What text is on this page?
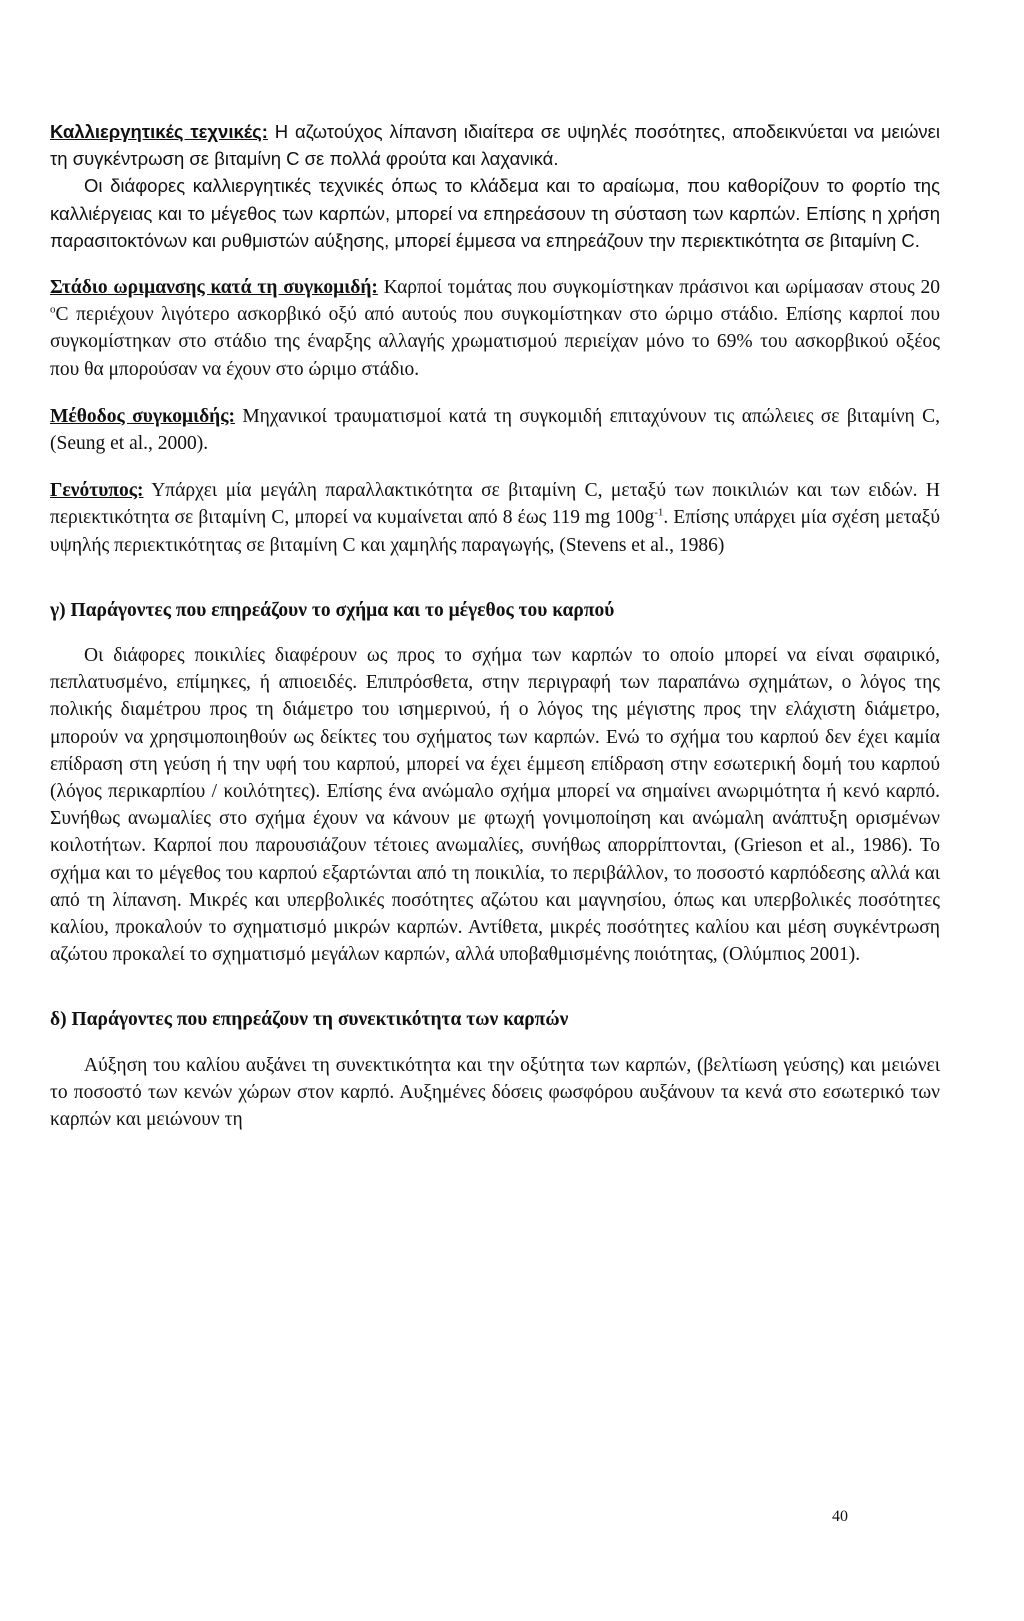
Καλλιεργητικές τεχνικές: Η αζωτούχος λίπανση ιδιαίτερα σε υψηλές ποσότητες, αποδεικνύεται να μειώνει τη συγκέντρωση σε βιταμίνη C σε πολλά φρούτα και λαχανικά.

Οι διάφορες καλλιεργητικές τεχνικές όπως το κλάδεμα και το αραίωμα, που καθορίζουν το φορτίο της καλλιέργειας και το μέγεθος των καρπών, μπορεί να επηρεάσουν τη σύσταση των καρπών. Επίσης η χρήση παρασιτοκτόνων και ρυθμιστών αύξησης, μπορεί έμμεσα να επηρεάζουν την περιεκτικότητα σε βιταμίνη C.

Στάδιο ωριμανσης κατά τη συγκομιδή: Καρποί τομάτας που συγκομίστηκαν πράσινοι και ωρίμασαν στους 20 $^o$C περιέχουν λιγότερο ασκορβικό οξύ από αυτούς που συγκομίστηκαν στο ώριμο στάδιο. Επίσης καρποί που συγκομίστηκαν στο στάδιο της έναρξης αλλαγής χρωματισμού περιείχαν μόνο το 69% του ασκορβικού οξέος που θα μπορούσαν να έχουν στο ώριμο στάδιο.

Μέθοδος συγκομιδής: Μηχανικοί τραυματισμοί κατά τη συγκομιδή επιταχύνουν τις απώλειες σε βιταμίνη C, (Seung et al., 2000).

Γενότυπος: Υπάρχει μία μεγάλη παραλλακτικότητα σε βιταμίνη C, μεταξύ των ποικιλιών και των ειδών. Η περιεκτικότητα σε βιταμίνη C, μπορεί να κυμαίνεται από 8 έως 119 mg $100g^{-1}$. Επίσης υπάρχει μία σχέση μεταξύ υψηλής περιεκτικότητας σε βιταμίνη C και χαμηλής παραγωγής, (Stevens et al., 1986)

γ) Παράγοντες που επηρεάζουν το σχήμα και το μέγεθος του καρπού

Οι διάφορες ποικιλίες διαφέρουν ως προς το σχήμα των καρπών το οποίο μπορεί να είναι σφαιρικό, πεπλατυσμένο, επίμηκες, ή απιοειδές. Επιπρόσθετα, στην περιγραφή των παραπάνω σχημάτων, ο λόγος της πολικής διαμέτρου προς τη διάμετρο του ισημερινού, ή ο λόγος της μέγιστης προς την ελάχιστη διάμετρο, μπορούν να χρησιμοποιηθούν ως δείκτες του σχήματος των καρπών. Ενώ το σχήμα του καρπού δεν έχει καμία επίδραση στη γεύση ή την υφή του καρπού, μπορεί να έχει έμμεση επίδραση στην εσωτερική δομή του καρπού (λόγος περικαρπίου / κοιλότητες). Επίσης ένα ανώμαλο σχήμα μπορεί να σημαίνει ανωριμότητα ή κενό καρπό. Συνήθως ανωμαλίες στο σχήμα έχουν να κάνουν με φτωχή γονιμοποίηση και ανώμαλη ανάπτυξη ορισμένων κοιλοτήτων. Καρποί που παρουσιάζουν τέτοιες ανωμαλίες, συνήθως απορρίπτονται, (Grieson et al., 1986). Το σχήμα και το μέγεθος του καρπού εξαρτώνται από τη ποικιλία, το περιβάλλον, το ποσοστό καρπόδεσης αλλά και από τη λίπανση. Μικρές και υπερβολικές ποσότητες αζώτου και μαγνησίου, όπως και υπερβολικές ποσότητες καλίου, προκαλούν το σχηματισμό μικρών καρπών. Αντίθετα, μικρές ποσότητες καλίου και μέση συγκέντρωση αζώτου προκαλεί το σχηματισμό μεγάλων καρπών, αλλά υποβαθμισμένης ποιότητας, (Ολύμπιος 2001).

δ) Παράγοντες που επηρεάζουν τη συνεκτικότητα των καρπών

Αύξηση του καλίου αυξάνει τη συνεκτικότητα και την οξύτητα των καρπών, (βελτίωση γεύσης) και μειώνει το ποσοστό των κενών χώρων στον καρπό. Αυξημένες δόσεις φωσφόρου αυξάνουν τα κενά στο εσωτερικό των καρπών και μειώνουν τη

40
